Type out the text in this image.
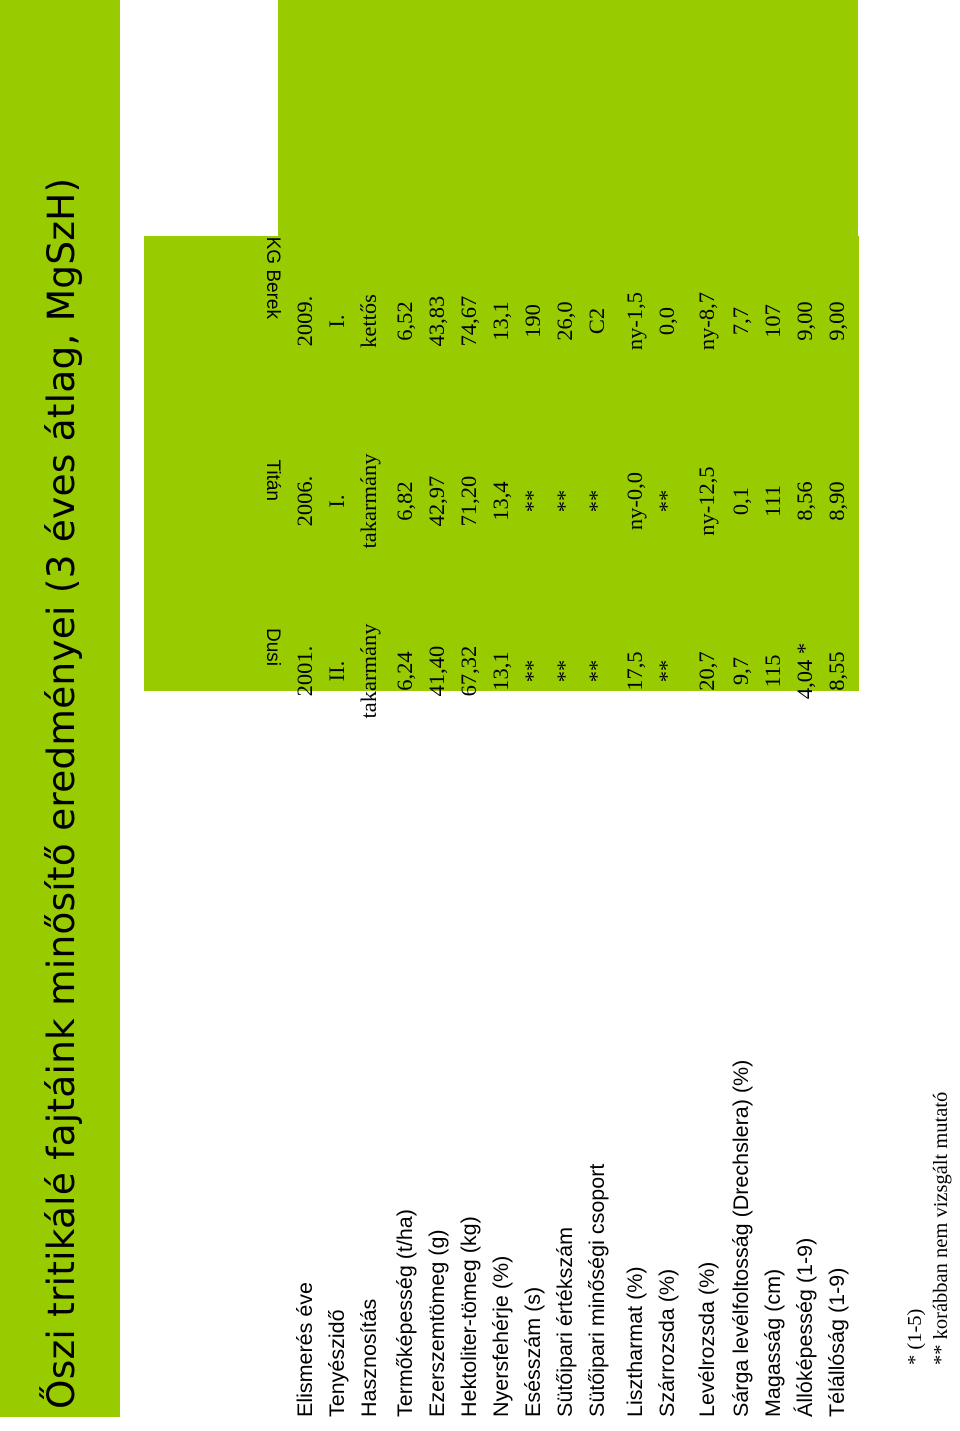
Őszi tritikálé fajtáink minősítő eredményei (3 éves átlag, MgSzH)	Dusi
Titán
KG Berek
Elismerés éve
2001.
2006.
2009.
Tenyészidő
II.
I.
I.
Hasznosítás
takarmány
takarmány
kettős
Termőképesség (t/ha)
6,24
6,82
6,52
Ezerszemtömeg (g)
41,40
42,97
43,83
Hektoliter-tömeg (kg)
67,32
71,20
74,67
Nyersfehérje (%)
13,1
13,4
13,1
Esésszám (s)
**
**
190
Sütőipari értékszám
**
**
26,0
Sütőipari minőségi csoport
**
**
C2
Lisztharmat (%)
17,5
ny-0,0
ny-1,5
Szárrozsda (%)
**
**
0,0
Levélrozsda (%)
20,7
ny-12,5
ny-8,7
Sárga levélfoltosság (Drechslera) (%)
9,7
0,1
7,7
Magasság (cm)
115
111
107
Állóképesség (1-9)
4,04 *
8,56
9,00
Télállóság (1-9)
8,55
8,90
9,00
* (1-5) ** korábban nem vizsgált mutató
